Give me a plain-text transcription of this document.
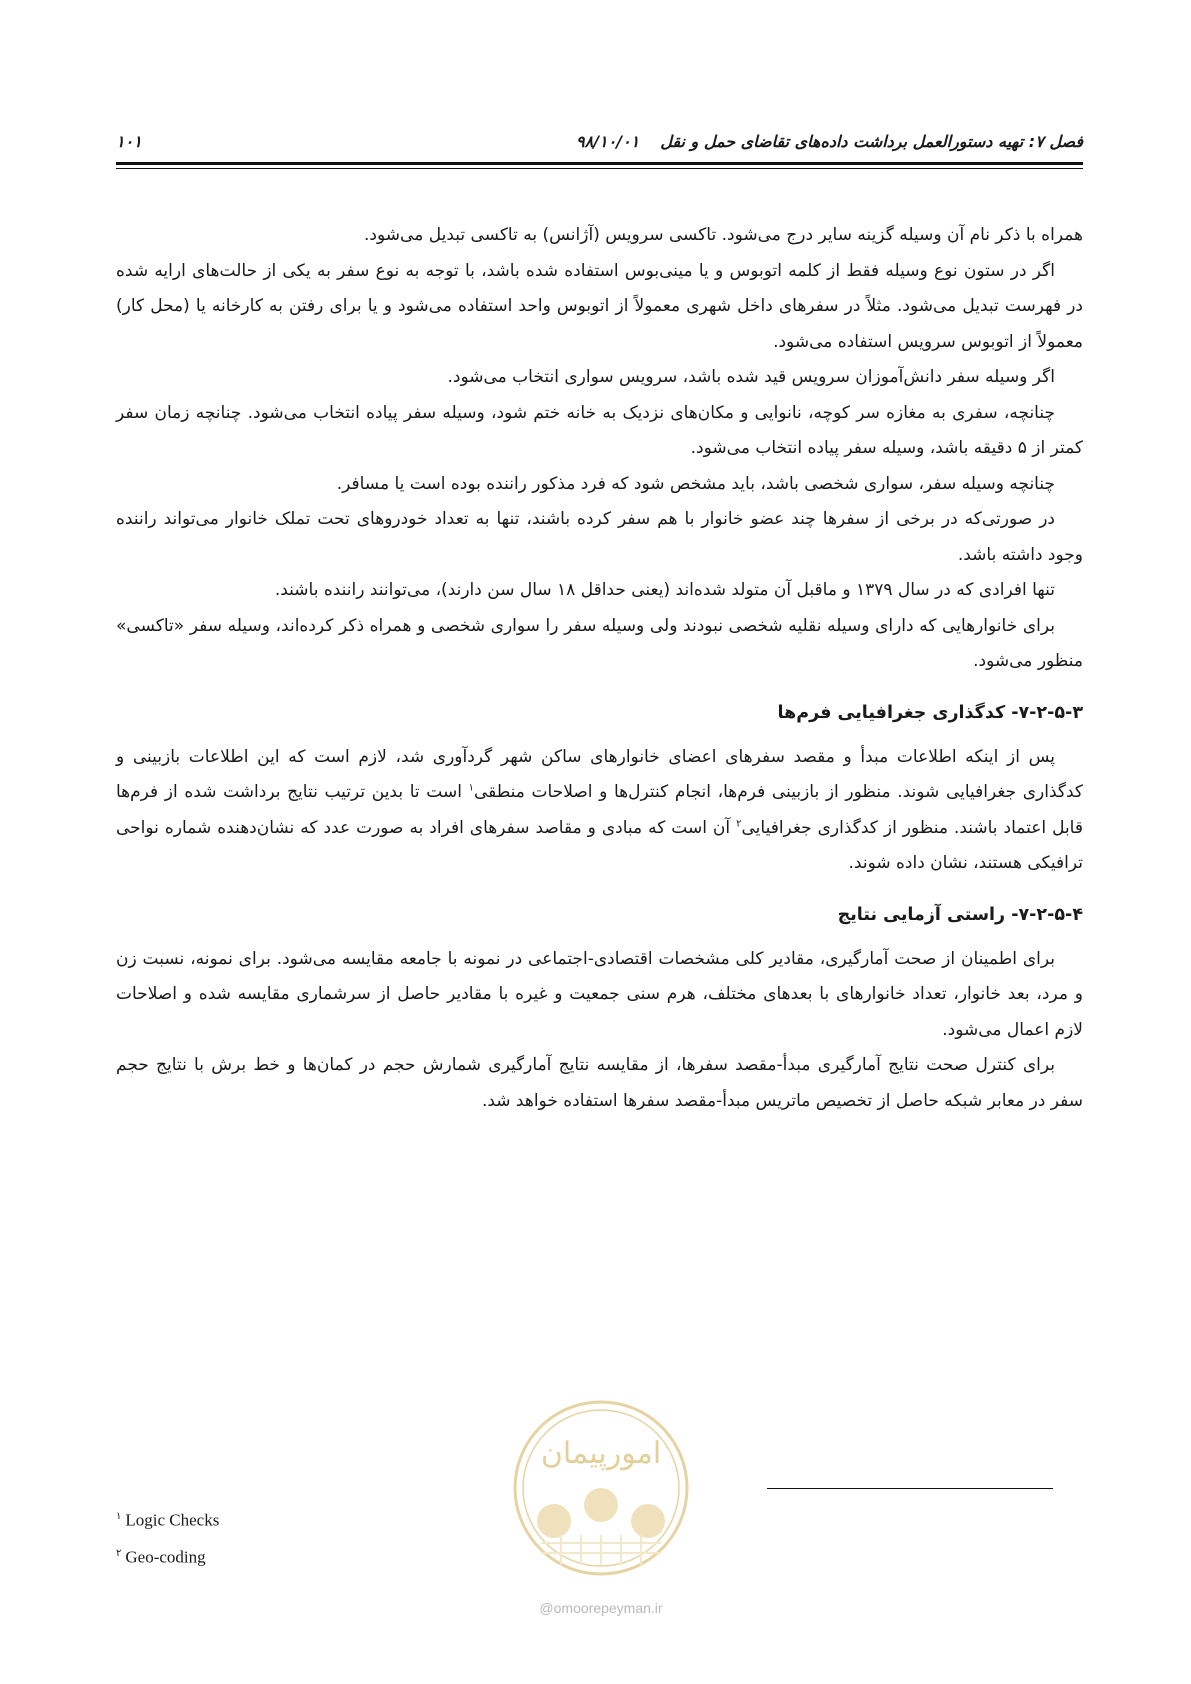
فصل ۷: تهیه دستورالعمل برداشت داده‌های تقاضای حمل و نقل
۹۸/۱۰/۰۱
۱۰۱

همراه با ذکر نام آن وسیله گزینه سایر درج می‌شود. تاکسی سرویس (آژانس) به تاکسی تبدیل می‌شود.

اگر در ستون نوع وسیله فقط از کلمه اتوبوس و یا مینی‌بوس استفاده شده باشد، با توجه به نوع سفر به یکی از حالت‌های ارایه شده در فهرست تبدیل می‌شود. مثلاً در سفرهای داخل شهری معمولاً از اتوبوس واحد استفاده می‌شود و یا برای رفتن به کارخانه یا (محل کار) معمولاً از اتوبوس سرویس استفاده می‌شود.

اگر وسیله سفر دانش‌آموزان سرویس قید شده باشد، سرویس سواری انتخاب می‌شود.

چنانچه، سفری به مغازه سر کوچه، نانوایی و مکان‌های نزدیک به خانه ختم شود، وسیله سفر پیاده انتخاب می‌شود. چنانچه زمان سفر کمتر از ۵ دقیقه باشد، وسیله سفر پیاده انتخاب می‌شود.

چنانچه وسیله سفر، سواری شخصی باشد، باید مشخص شود که فرد مذکور راننده بوده است یا مسافر.

در صورتی‌که در برخی از سفرها چند عضو خانوار با هم سفر کرده باشند، تنها به تعداد خودروهای تحت تملک خانوار می‌تواند راننده وجود داشته باشد.

تنها افرادی که در سال ۱۳۷۹ و ماقبل آن متولد شده‌اند (یعنی حداقل ۱۸ سال سن دارند)، می‌توانند راننده باشند.

برای خانوارهایی که دارای وسیله نقلیه شخصی نبودند ولی وسیله سفر را سواری شخصی و همراه ذکر کرده‌اند، وسیله سفر «تاکسی» منظور می‌شود.

۷-۲-۵-۳- کدگذاری جغرافیایی فرم‌ها

پس از اینکه اطلاعات مبدأ و مقصد سفرهای اعضای خانوارهای ساکن شهر گردآوری شد، لازم است که این اطلاعات بازبینی و کدگذاری جغرافیایی شوند. منظور از بازبینی فرم‌ها، انجام کنترل‌ها و اصلاحات منطقی$^۱$ است تا بدین ترتیب نتایج برداشت شده از فرم‌ها قابل اعتماد باشند. منظور از کدگذاری جغرافیایی$^۲$ آن است که مبادی و مقاصد سفرهای افراد به صورت عدد که نشان‌دهنده شماره نواحی ترافیکی هستند، نشان داده شوند.

۷-۲-۵-۴- راستی آزمایی نتایج

برای اطمینان از صحت آمارگیری، مقادیر کلی مشخصات اقتصادی-اجتماعی در نمونه با جامعه مقایسه می‌شود. برای نمونه، نسبت زن و مرد، بعد خانوار، تعداد خانوارهای با بعدهای مختلف، هرم سنی جمعیت و غیره با مقادیر حاصل از سرشماری مقایسه شده و اصلاحات لازم اعمال می‌شود.

برای کنترل صحت نتایج آمارگیری مبدأ-مقصد سفرها، از مقایسه نتایج آمارگیری شمارش حجم در کمان‌ها و خط برش با نتایج حجم سفر در معابر شبکه حاصل از تخصیص ماتریس مبدأ-مقصد سفرها استفاده خواهد شد.

$^۱$ Logic Checks
$^۲$ Geo-coding
امورپیمان
@omoorepeyman.ir
